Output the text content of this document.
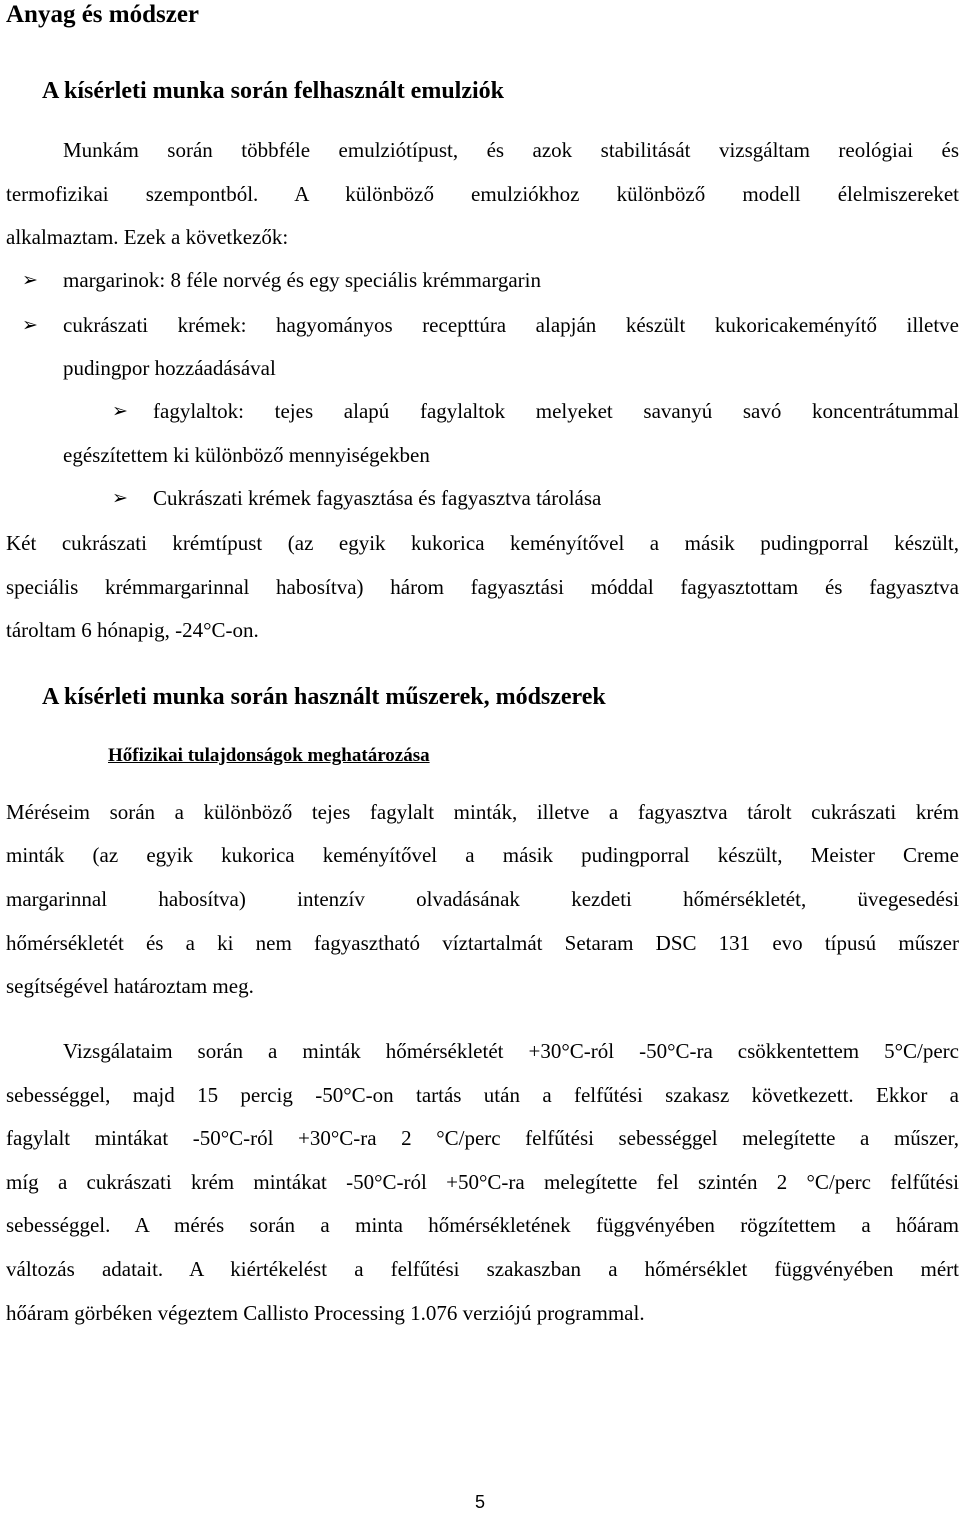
Anyag és módszer
A kísérleti munka során felhasznált emulziók
Munkám során többféle emulziótípust, és azok stabilitását vizsgáltam reológiai és
termofizikai szempontból. A különböző emulziókhoz különböző modell élelmiszereket
alkalmaztam. Ezek a következők:
➢ margarinok: 8 féle norvég és egy speciális krémmargarin
➢ cukrászati krémek: hagyományos recepttúra alapján készült kukoricakeményítő illetve
pudingpor hozzáadásával
➢ fagylaltok: tejes alapú fagylaltok melyeket savanyú savó koncentrátummal
egészítettem ki különböző mennyiségekben
➢ Cukrászati krémek fagyasztása és fagyasztva tárolása
Két cukrászati krémtípust (az egyik kukorica keményítővel a másik pudingporral készült,
speciális krémmargarinnal habosítva) három fagyasztási móddal fagyasztottam és fagyasztva
tároltam 6 hónapig, -24°C-on.
A kísérleti munka során használt műszerek, módszerek
Hőfizikai tulajdonságok meghatározása
Méréseim során a különböző tejes fagylalt minták, illetve a fagyasztva tárolt cukrászati krém
minták (az egyik kukorica keményítővel a másik pudingporral készült, Meister Creme
margarinnal habosítva) intenzív olvadásának kezdeti hőmérsékletét, üvegesedési
hőmérsékletét és a ki nem fagyasztható víztartalmát Setaram DSC 131 evo típusú műszer
segítségével határoztam meg.
Vizsgálataim során a minták hőmérsékletét +30°C-ról -50°C-ra csökkentettem 5°C/perc
sebességgel, majd 15 percig -50°C-on tartás után a felfűtési szakasz következett. Ekkor a
fagylalt mintákat -50°C-ról +30°C-ra 2 °C/perc felfűtési sebességgel melegítette a műszer,
míg a cukrászati krém mintákat -50°C-ról +50°C-ra melegítette fel szintén 2 °C/perc felfűtési
sebességgel. A mérés során a minta hőmérsékletének függvényében rögzítettem a hőáram
változás adatait. A kiértékelést a felfűtési szakaszban a hőmérséklet függvényében mért
hőáram görbéken végeztem Callisto Processing 1.076 verziójú programmal.
5
